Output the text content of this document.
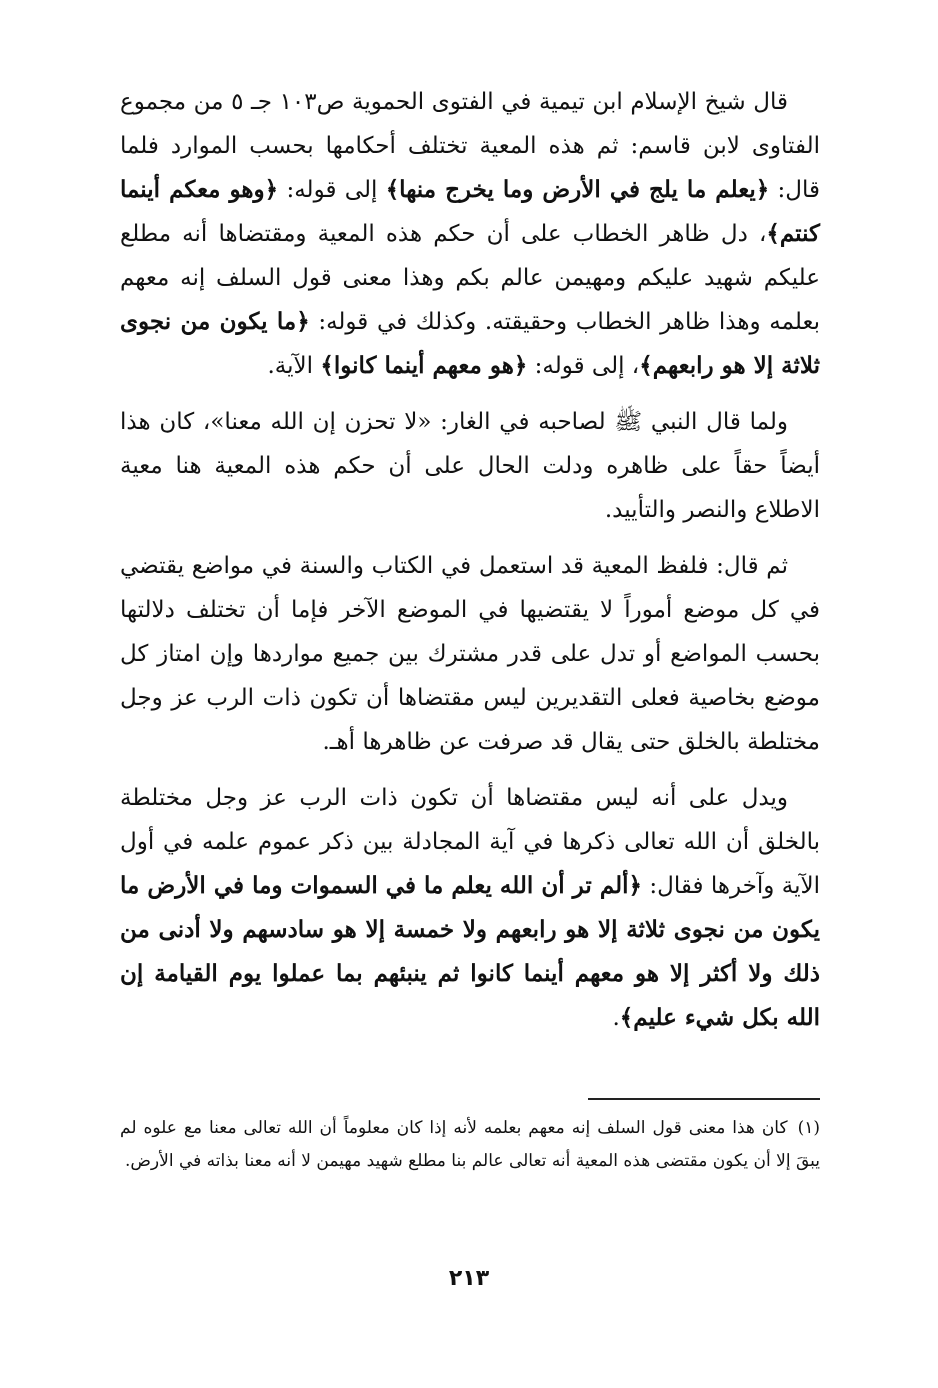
قال شيخ الإسلام ابن تيمية في الفتوى الحموية ص١٠٣ جـ ٥ من مجموع الفتاوى لابن قاسم: ثم هذه المعية تختلف أحكامها بحسب الموارد فلما قال: ﴿يعلم ما يلج في الأرض وما يخرج منها﴾ إلى قوله: ﴿وهو معكم أينما كنتم﴾، دل ظاهر الخطاب على أن حكم هذه المعية ومقتضاها أنه مطلع عليكم شهيد عليكم ومهيمن عالم بكم وهذا معنى قول السلف إنه معهم بعلمه وهذا ظاهر الخطاب وحقيقته. وكذلك في قوله: ﴿ما يكون من نجوى ثلاثة إلا هو رابعهم﴾، إلى قوله: ﴿هو معهم أينما كانوا﴾ الآية.

ولما قال النبي ﷺ لصاحبه في الغار: «لا تحزن إن الله معنا»، كان هذا أيضاً حقاً على ظاهره ودلت الحال على أن حكم هذه المعية هنا معية الاطلاع والنصر والتأييد.

ثم قال: فلفظ المعية قد استعمل في الكتاب والسنة في مواضع يقتضي في كل موضع أموراً لا يقتضيها في الموضع الآخر فإما أن تختلف دلالتها بحسب المواضع أو تدل على قدر مشترك بين جميع مواردها وإن امتاز كل موضع بخاصية فعلى التقديرين ليس مقتضاها أن تكون ذات الرب عز وجل مختلطة بالخلق حتى يقال قد صرفت عن ظاهرها أهـ.

ويدل على أنه ليس مقتضاها أن تكون ذات الرب عز وجل مختلطة بالخلق أن الله تعالى ذكرها في آية المجادلة بين ذكر عموم علمه في أول الآية وآخرها فقال: ﴿ألم تر أن الله يعلم ما في السموات وما في الأرض ما يكون من نجوى ثلاثة إلا هو رابعهم ولا خمسة إلا هو سادسهم ولا أدنى من ذلك ولا أكثر إلا هو معهم أينما كانوا ثم ينبئهم بما عملوا يوم القيامة إن الله بكل شيء عليم﴾.

(١)كان هذا معنى قول السلف إنه معهم بعلمه لأنه إذا كان معلوماً أن الله تعالى معنا مع علوه لم يبقَ إلا أن يكون مقتضى هذه المعية أنه تعالى عالم بنا مطلع شهيد مهيمن لا أنه معنا بذاته في الأرض.
٢١٣
